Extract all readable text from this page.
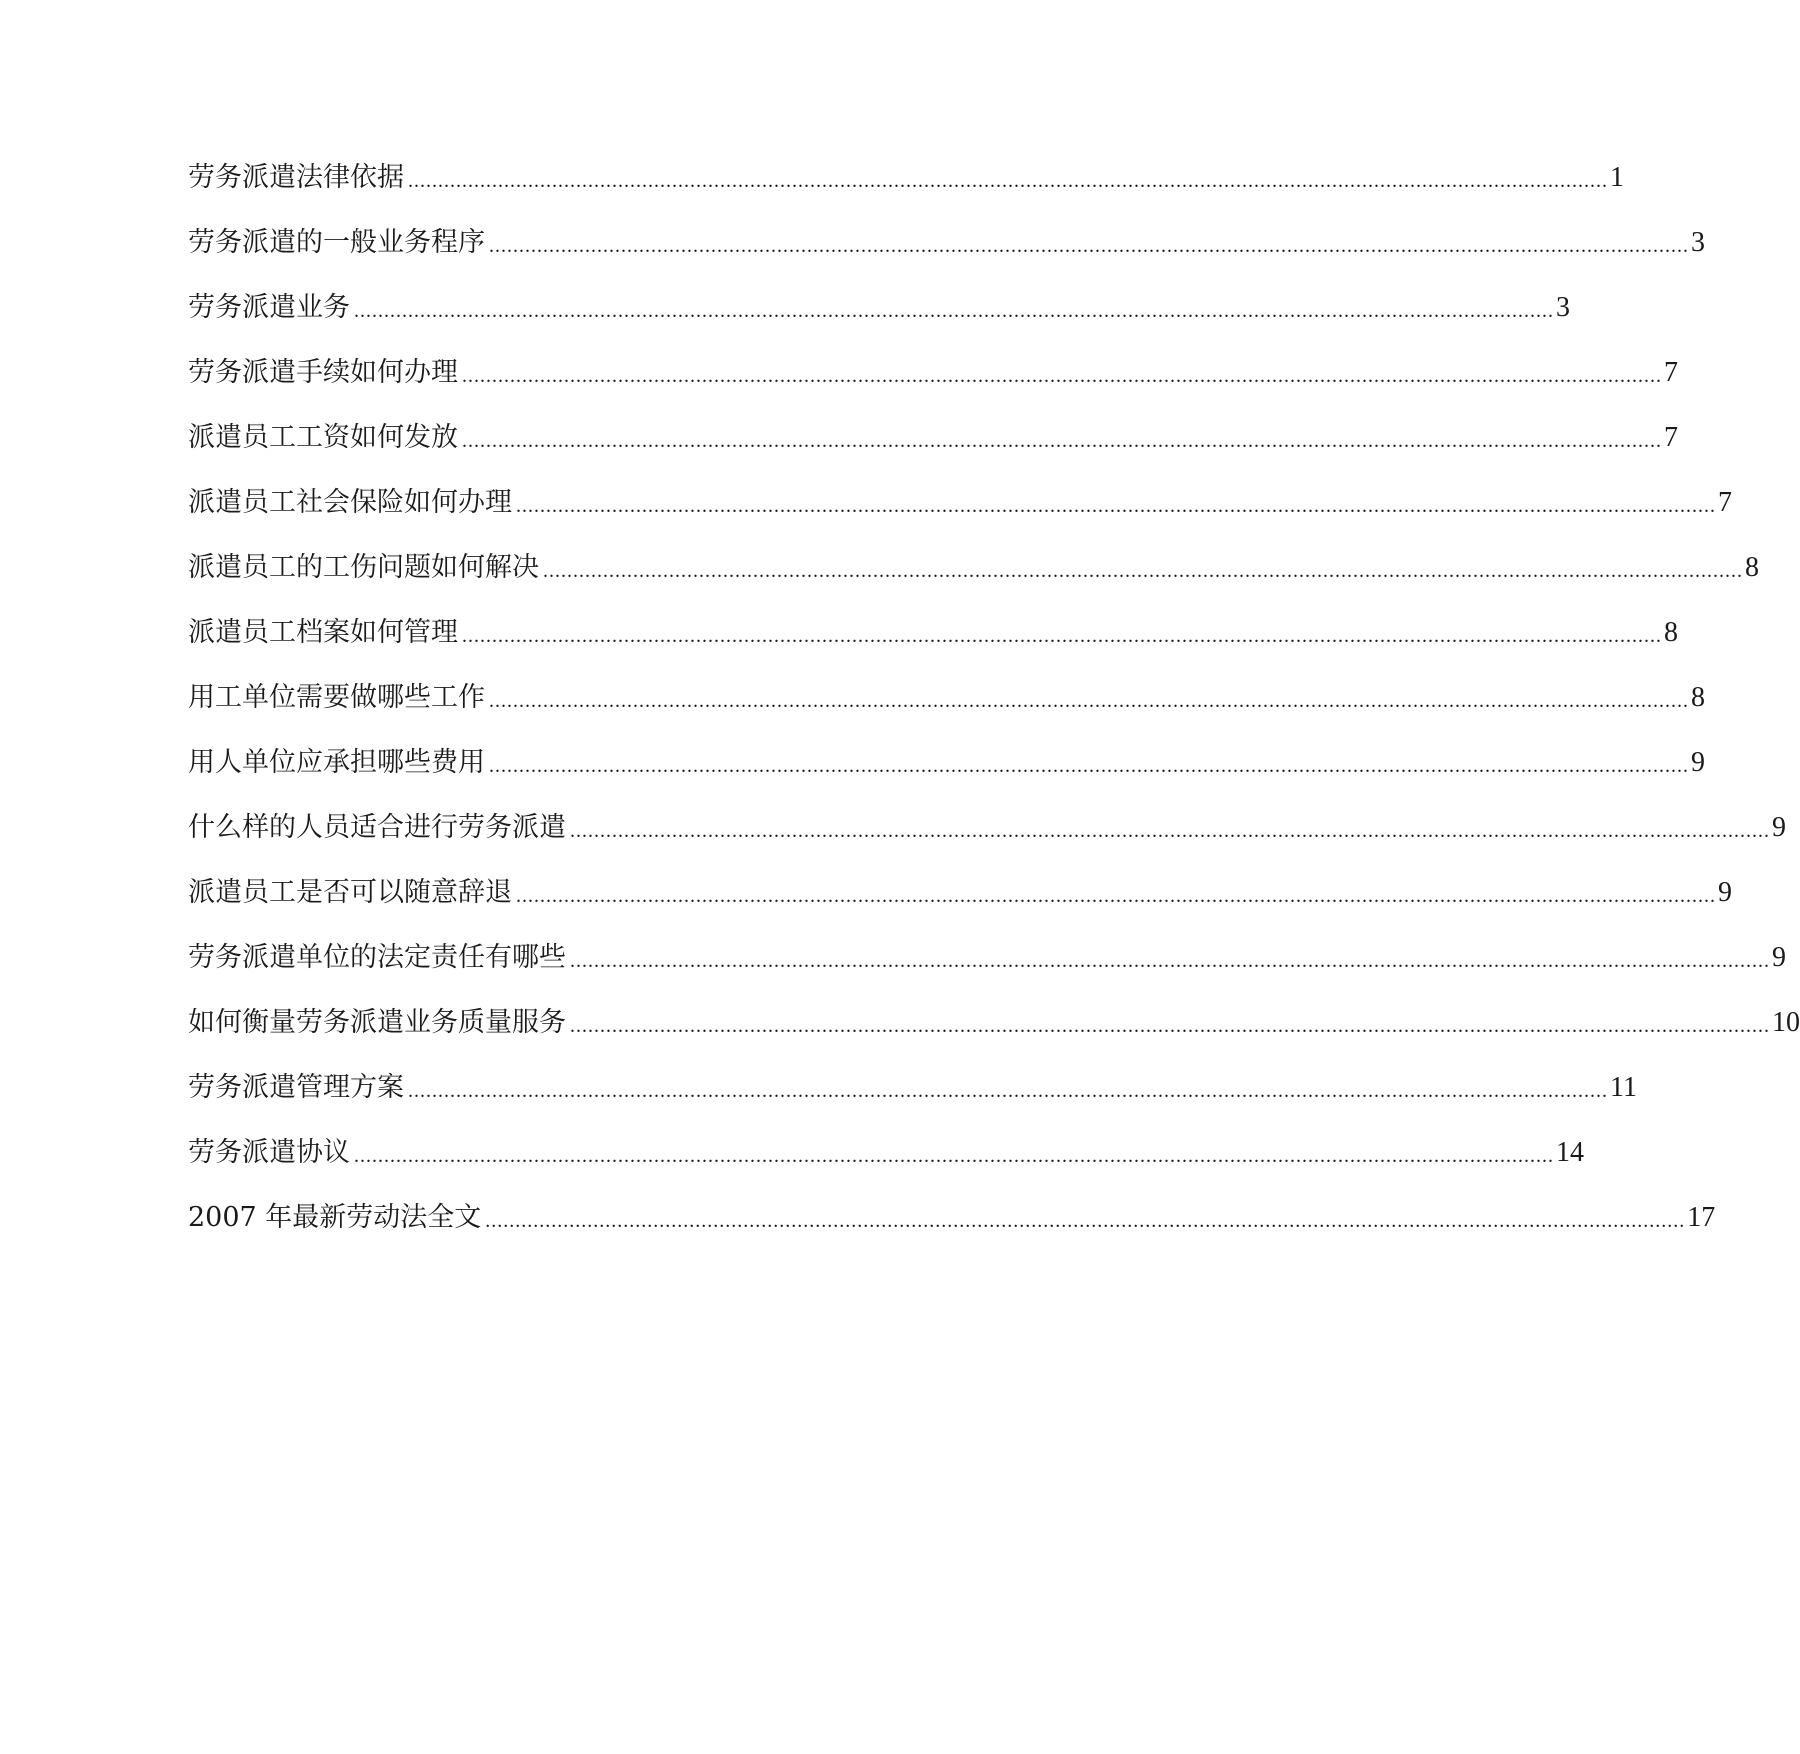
劳务派遣法律依据 ........................................................................................................................................................................................................ 1
劳务派遣的一般业务程序 ........................................................................................................................................................................................................ 3
劳务派遣业务 ........................................................................................................................................................................................................ 3
劳务派遣手续如何办理 ........................................................................................................................................................................................................ 7
派遣员工工资如何发放 ........................................................................................................................................................................................................ 7
派遣员工社会保险如何办理 ........................................................................................................................................................................................................ 7
派遣员工的工伤问题如何解决 ........................................................................................................................................................................................................ 8
派遣员工档案如何管理 ........................................................................................................................................................................................................ 8
用工单位需要做哪些工作 ........................................................................................................................................................................................................ 8
用人单位应承担哪些费用 ........................................................................................................................................................................................................ 9
什么样的人员适合进行劳务派遣 ........................................................................................................................................................................................................ 9
派遣员工是否可以随意辞退 ........................................................................................................................................................................................................ 9
劳务派遣单位的法定责任有哪些 ........................................................................................................................................................................................................ 9
如何衡量劳务派遣业务质量服务 ........................................................................................................................................................................................................ 10
劳务派遣管理方案 ........................................................................................................................................................................................................ 11
劳务派遣协议 ........................................................................................................................................................................................................ 14
2007 年最新劳动法全文 ........................................................................................................................................................................................................ 17
